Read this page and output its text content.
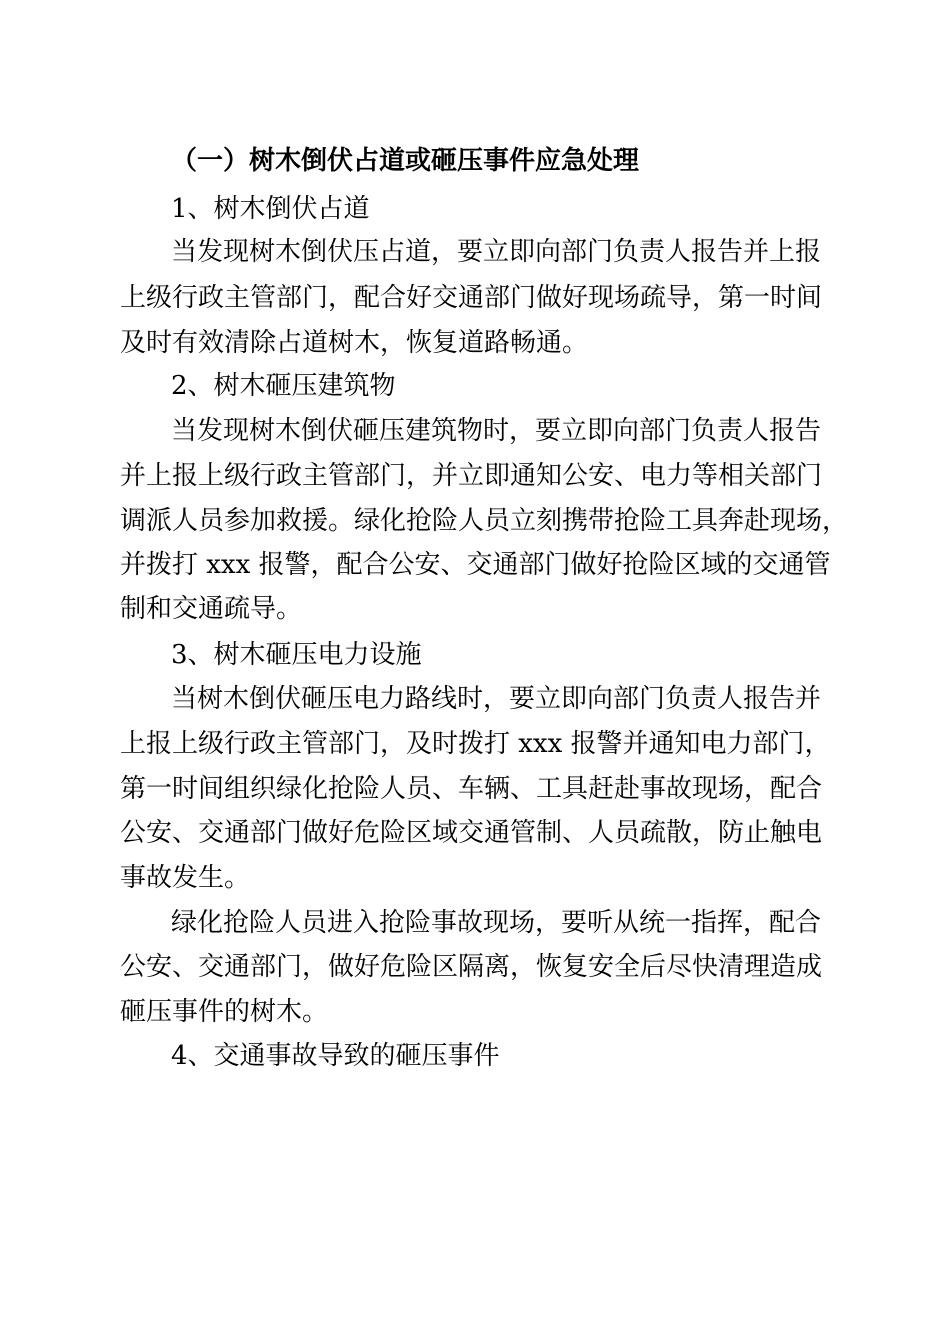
（一）树木倒伏占道或砸压事件应急处理
1、树木倒伏占道
当发现树木倒伏压占道，要立即向部门负责人报告并上报
上级行政主管部门，配合好交通部门做好现场疏导，第一时间
及时有效清除占道树木，恢复道路畅通。
2、树木砸压建筑物
当发现树木倒伏砸压建筑物时，要立即向部门负责人报告
并上报上级行政主管部门，并立即通知公安、电力等相关部门
调派人员参加救援。绿化抢险人员立刻携带抢险工具奔赴现场，
并拨打 xxx 报警，配合公安、交通部门做好抢险区域的交通管
制和交通疏导。
3、树木砸压电力设施
当树木倒伏砸压电力路线时，要立即向部门负责人报告并
上报上级行政主管部门，及时拨打 xxx 报警并通知电力部门，
第一时间组织绿化抢险人员、车辆、工具赶赴事故现场，配合
公安、交通部门做好危险区域交通管制、人员疏散，防止触电
事故发生。
绿化抢险人员进入抢险事故现场，要听从统一指挥，配合
公安、交通部门，做好危险区隔离，恢复安全后尽快清理造成
砸压事件的树木。
4、交通事故导致的砸压事件
